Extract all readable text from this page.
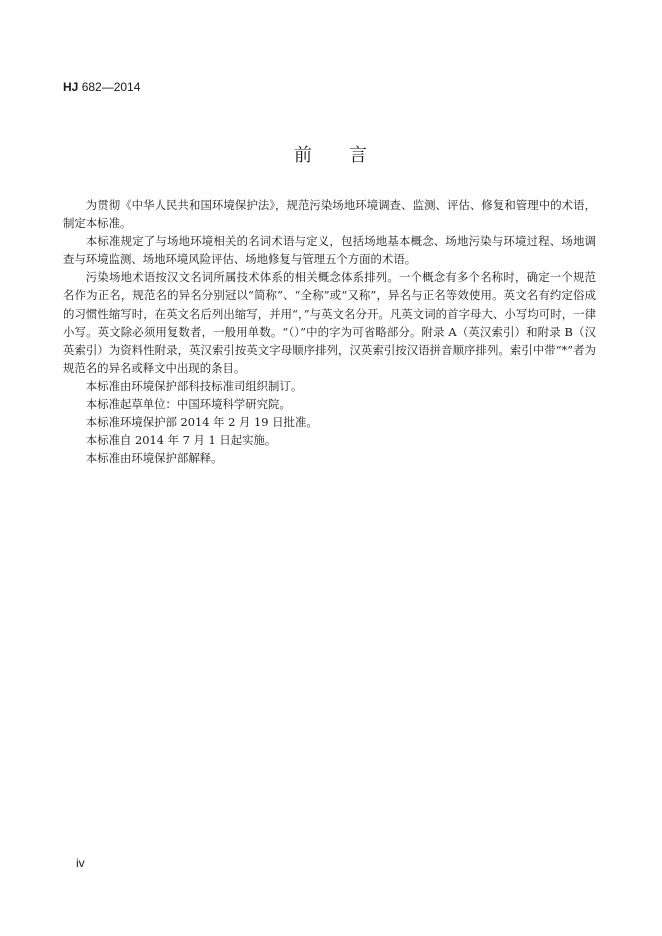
HJ 682—2014
前 言

为贯彻《中华人民共和国环境保护法》，规范污染场地环境调查、监测、评估、修复和管理中的术语，制定本标准。

本标准规定了与场地环境相关的名词术语与定义，包括场地基本概念、场地污染与环境过程、场地调查与环境监测、场地环境风险评估、场地修复与管理五个方面的术语。

污染场地术语按汉文名词所属技术体系的相关概念体系排列。一个概念有多个名称时，确定一个规范名作为正名，规范名的异名分别冠以“简称”、“全称”或“又称”，异名与正名等效使用。英文名有约定俗成的习惯性缩写时，在英文名后列出缩写，并用“，”与英文名分开。凡英文词的首字母大、小写均可时，一律小写。英文除必须用复数者，一般用单数。“（）”中的字为可省略部分。附录 A（英汉索引）和附录 B（汉英索引）为资料性附录，英汉索引按英文字母顺序排列，汉英索引按汉语拼音顺序排列。索引中带“*”者为规范名的异名或释文中出现的条目。

本标准由环境保护部科技标准司组织制订。

本标准起草单位：中国环境科学研究院。

本标准环境保护部 2014 年 2 月 19 日批准。

本标准自 2014 年 7 月 1 日起实施。

本标准由环境保护部解释。

iv
